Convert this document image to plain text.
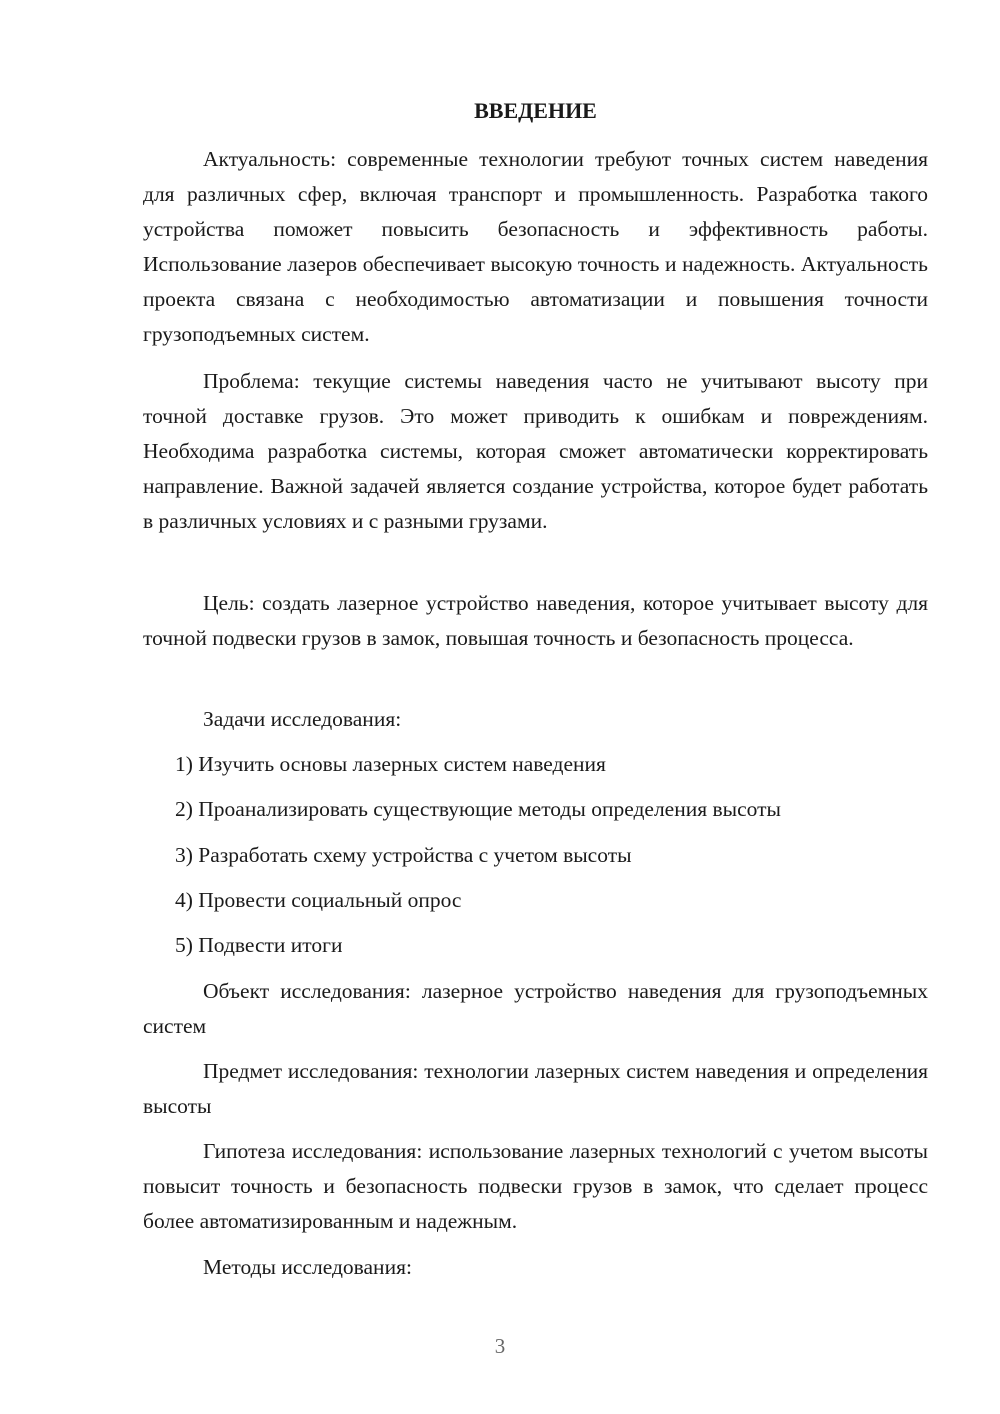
ВВЕДЕНИЕ

Актуальность: современные технологии требуют точных систем наведения для различных сфер, включая транспорт и промышленность. Разработка такого устройства поможет повысить безопасность и эффективность работы. Использование лазеров обеспечивает высокую точность и надежность. Актуальность проекта связана с необходимостью автоматизации и повышения точности грузоподъемных систем.

Проблема: текущие системы наведения часто не учитывают высоту при точной доставке грузов. Это может приводить к ошибкам и повреждениям. Необходима разработка системы, которая сможет автоматически корректировать направление. Важной задачей является создание устройства, которое будет работать в различных условиях и с разными грузами.

Цель: создать лазерное устройство наведения, которое учитывает высоту для точной подвески грузов в замок, повышая точность и безопасность процесса.

Задачи исследования:

1) Изучить основы лазерных систем наведения

2) Проанализировать существующие методы определения высоты

3) Разработать схему устройства с учетом высоты

4) Провести социальный опрос

5) Подвести итоги

Объект исследования: лазерное устройство наведения для грузоподъемных систем

Предмет исследования: технологии лазерных систем наведения и определения высоты

Гипотеза исследования: использование лазерных технологий с учетом высоты повысит точность и безопасность подвески грузов в замок, что сделает процесс более автоматизированным и надежным.

Методы исследования:

3
